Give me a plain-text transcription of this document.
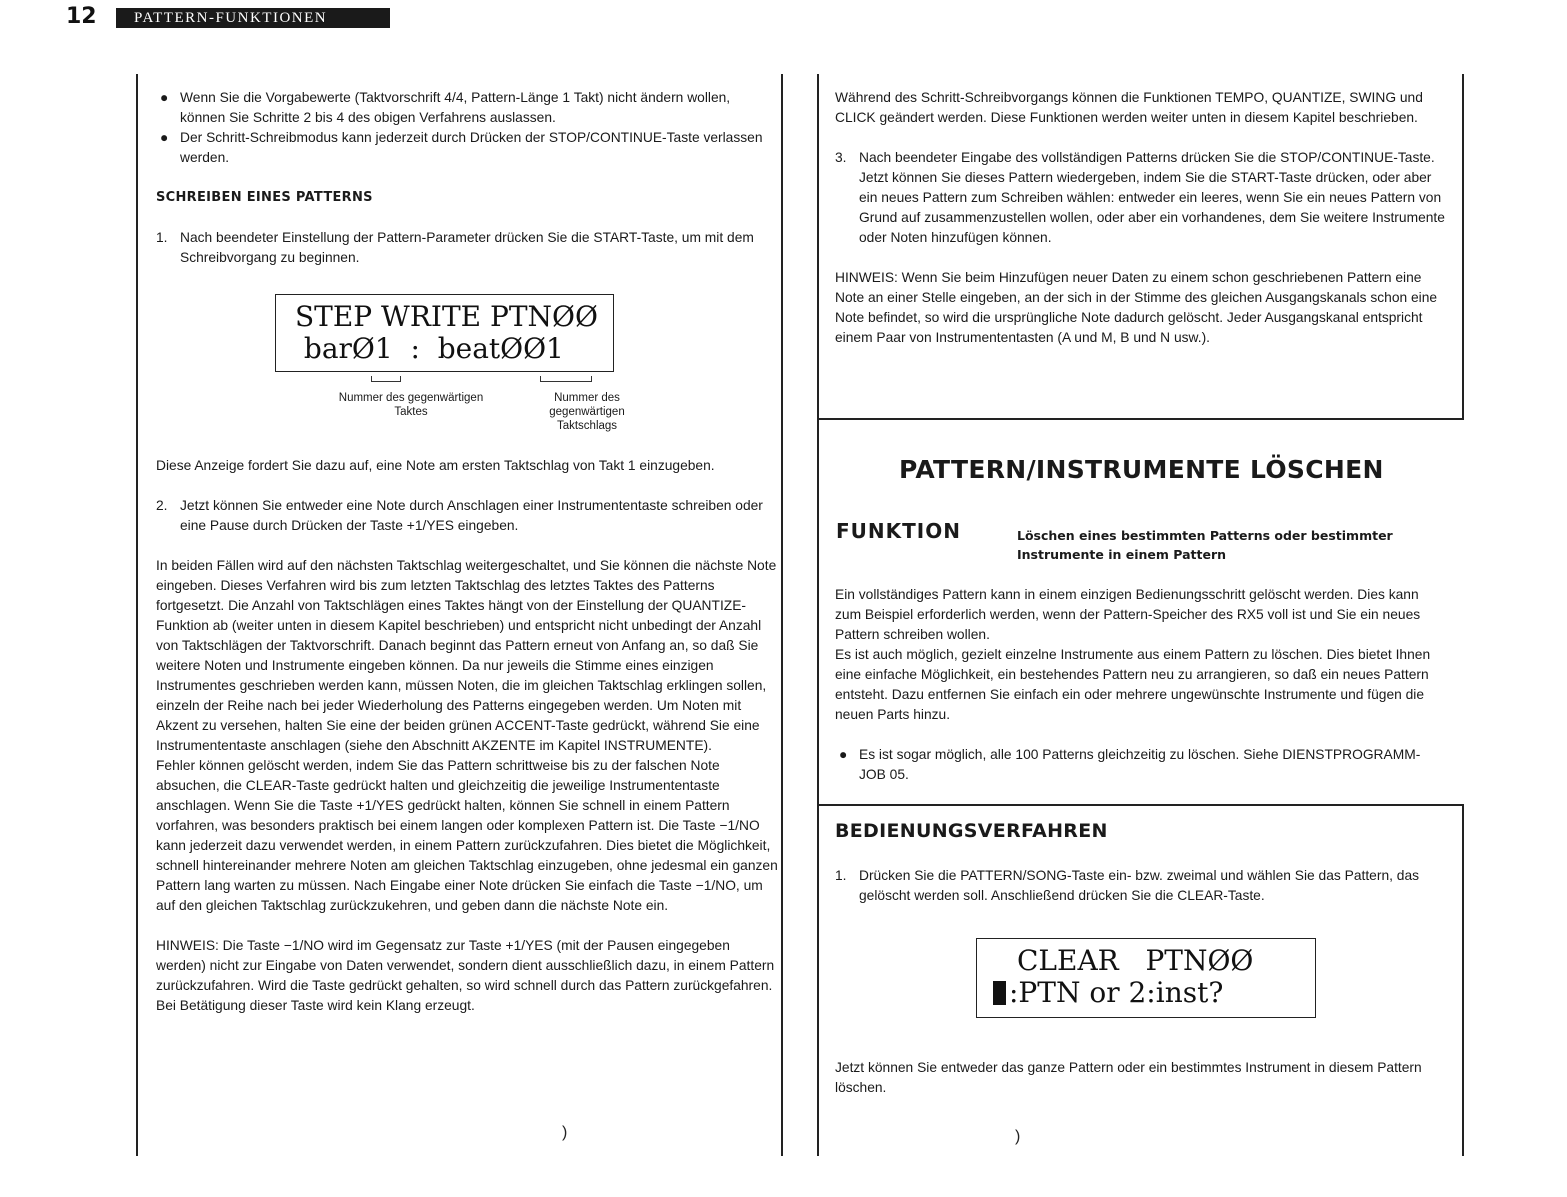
12	PATTERN-FUNKTIONEN
● Wenn Sie die Vorgabewerte (Taktvorschrift 4/4, Pattern-Länge 1 Takt) nicht ändern wollen, können Sie Schritte 2 bis 4 des obigen Verfahrens auslassen.

● Der Schritt-Schreibmodus kann jederzeit durch Drücken der STOP/CONTINUE-Taste verlassen werden.

SCHREIBEN EINES PATTERNS

1. Nach beendeter Einstellung der Pattern-Parameter drücken Sie die START-Taste, um mit dem Schreibvorgang zu beginnen.

STEP WRITE PTNØØ
barØ1  :  beatØØ1
Nummer des gegenwärtigen Taktes
Nummer des gegenwärtigen Taktschlags

Diese Anzeige fordert Sie dazu auf, eine Note am ersten Taktschlag von Takt 1 einzugeben.

2. Jetzt können Sie entweder eine Note durch Anschlagen einer Instrumententaste schreiben oder eine Pause durch Drücken der Taste +1/YES eingeben.

In beiden Fällen wird auf den nächsten Taktschlag weitergeschaltet, und Sie können die nächste Note eingeben. Dieses Verfahren wird bis zum letzten Taktschlag des letztes Taktes des Patterns fortgesetzt. Die Anzahl von Taktschlägen eines Taktes hängt von der Einstellung der QUANTIZE-Funktion ab (weiter unten in diesem Kapitel beschrieben) und entspricht nicht unbedingt der Anzahl von Taktschlägen der Taktvorschrift. Danach beginnt das Pattern erneut von Anfang an, so daß Sie weitere Noten und Instrumente eingeben können. Da nur jeweils die Stimme eines einzigen Instrumentes geschrieben werden kann, müssen Noten, die im gleichen Taktschlag erklingen sollen, einzeln der Reihe nach bei jeder Wiederholung des Patterns eingegeben werden. Um Noten mit Akzent zu versehen, halten Sie eine der beiden grünen ACCENT-Taste gedrückt, während Sie eine Instrumententaste anschlagen (siehe den Abschnitt AKZENTE im Kapitel INSTRUMENTE).

Fehler können gelöscht werden, indem Sie das Pattern schrittweise bis zu der falschen Note absuchen, die CLEAR-Taste gedrückt halten und gleichzeitig die jeweilige Instrumententaste anschlagen. Wenn Sie die Taste +1/YES gedrückt halten, können Sie schnell in einem Pattern vorfahren, was besonders praktisch bei einem langen oder komplexen Pattern ist. Die Taste −1/NO kann jederzeit dazu verwendet werden, in einem Pattern zurückzufahren. Dies bietet die Möglichkeit, schnell hintereinander mehrere Noten am gleichen Taktschlag einzugeben, ohne jedesmal ein ganzen Pattern lang warten zu müssen. Nach Eingabe einer Note drücken Sie einfach die Taste −1/NO, um auf den gleichen Taktschlag zurückzukehren, und geben dann die nächste Note ein.

HINWEIS: Die Taste −1/NO wird im Gegensatz zur Taste +1/YES (mit der Pausen eingegeben werden) nicht zur Eingabe von Daten verwendet, sondern dient ausschließlich dazu, in einem Pattern zurückzufahren. Wird die Taste gedrückt gehalten, so wird schnell durch das Pattern zurückgefahren. Bei Betätigung dieser Taste wird kein Klang erzeugt.

)

Während des Schritt-Schreibvorgangs können die Funktionen TEMPO, QUANTIZE, SWING und CLICK geändert werden. Diese Funktionen werden weiter unten in diesem Kapitel beschrieben.

3. Nach beendeter Eingabe des vollständigen Patterns drücken Sie die STOP/CONTINUE-Taste. Jetzt können Sie dieses Pattern wiedergeben, indem Sie die START-Taste drücken, oder aber ein neues Pattern zum Schreiben wählen: entweder ein leeres, wenn Sie ein neues Pattern von Grund auf zusammenzustellen wollen, oder aber ein vorhandenes, dem Sie weitere Instrumente oder Noten hinzufügen können.

HINWEIS: Wenn Sie beim Hinzufügen neuer Daten zu einem schon geschriebenen Pattern eine Note an einer Stelle eingeben, an der sich in der Stimme des gleichen Ausgangskanals schon eine Note befindet, so wird die ursprüngliche Note dadurch gelöscht. Jeder Ausgangskanal entspricht einem Paar von Instrumententasten (A und M, B und N usw.).

PATTERN/INSTRUMENTE LÖSCHEN
FUNKTION	Löschen eines bestimmten Patterns oder bestimmter Instrumente in einem Pattern

Ein vollständiges Pattern kann in einem einzigen Bedienungsschritt gelöscht werden. Dies kann zum Beispiel erforderlich werden, wenn der Pattern-Speicher des RX5 voll ist und Sie ein neues Pattern schreiben wollen.

Es ist auch möglich, gezielt einzelne Instrumente aus einem Pattern zu löschen. Dies bietet Ihnen eine einfache Möglichkeit, ein bestehendes Pattern neu zu arrangieren, so daß ein neues Pattern entsteht. Dazu entfernen Sie einfach ein oder mehrere ungewünschte Instrumente und fügen die neuen Parts hinzu.

● Es ist sogar möglich, alle 100 Patterns gleichzeitig zu löschen. Siehe DIENSTPROGRAMM-JOB 05.

BEDIENUNGSVERFAHREN
1. Drücken Sie die PATTERN/SONG-Taste ein- bzw. zweimal und wählen Sie das Pattern, das gelöscht werden soll. Anschließend drücken Sie die CLEAR-Taste.

CLEAR   PTNØØ
:PTN or 2:inst?

Jetzt können Sie entweder das ganze Pattern oder ein bestimmtes Instrument in diesem Pattern löschen.

)
